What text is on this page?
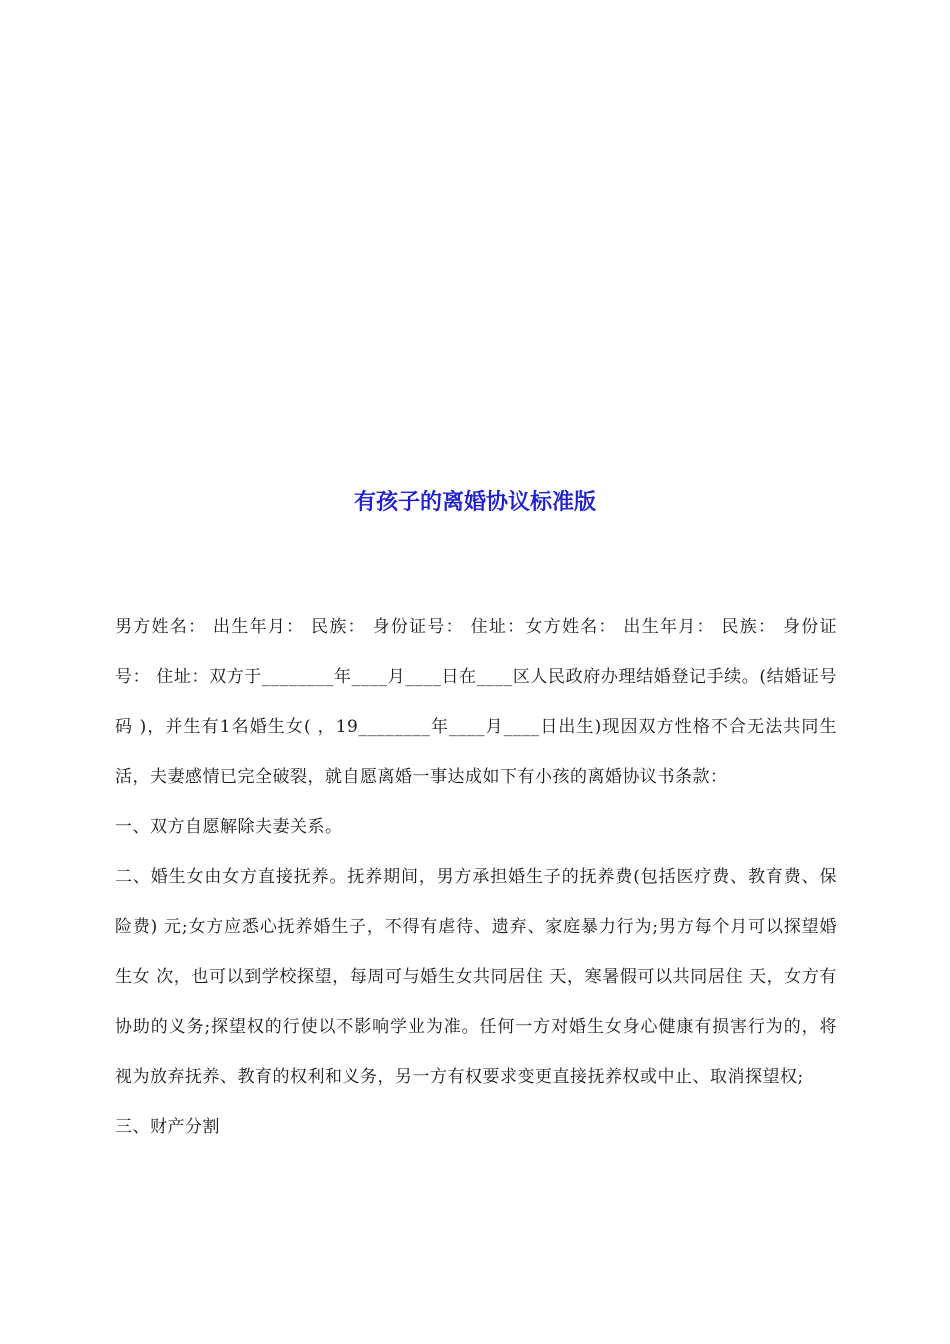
有孩子的离婚协议标准版

男方姓名： 出生年月： 民族： 身份证号： 住址：女方姓名： 出生年月： 民族： 身份证号： 住址：双方于________年____月____日在____区人民政府办理结婚登记手续。(结婚证号码 )，并生有1名婚生女( ，19________年____月____日出生)现因双方性格不合无法共同生活，夫妻感情已完全破裂，就自愿离婚一事达成如下有小孩的离婚协议书条款：

一、双方自愿解除夫妻关系。

二、婚生女由女方直接抚养。抚养期间，男方承担婚生子的抚养费(包括医疗费、教育费、保险费) 元;女方应悉心抚养婚生子，不得有虐待、遗弃、家庭暴力行为;男方每个月可以探望婚生女 次，也可以到学校探望，每周可与婚生女共同居住 天，寒暑假可以共同居住 天，女方有协助的义务;探望权的行使以不影响学业为准。任何一方对婚生女身心健康有损害行为的，将视为放弃抚养、教育的权利和义务，另一方有权要求变更直接抚养权或中止、取消探望权;

三、财产分割
